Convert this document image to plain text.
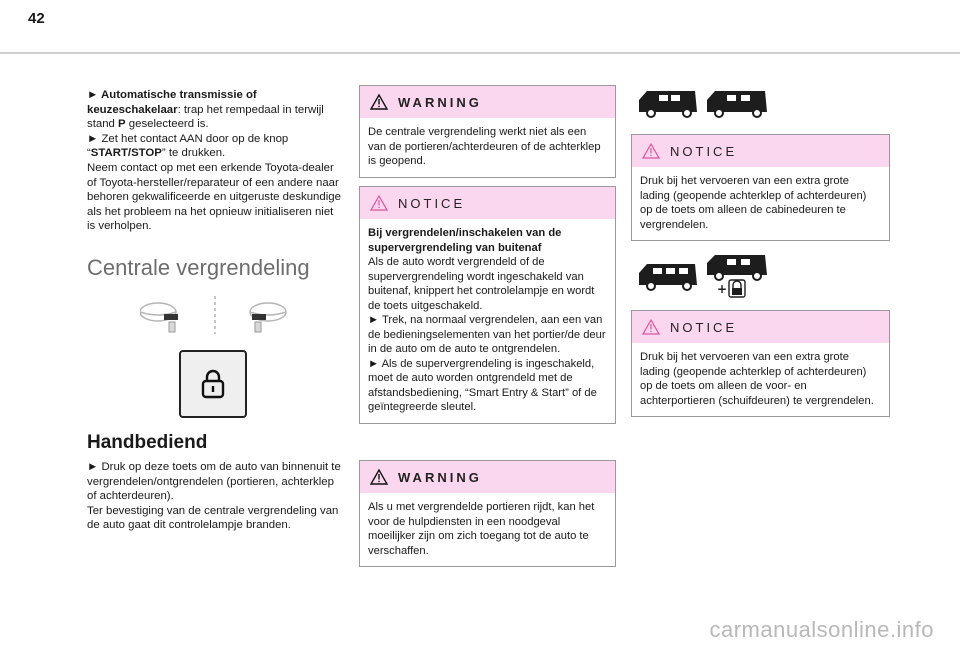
42

► Automatische transmissie of keuzeschakelaar: trap het rempedaal in terwijl stand P geselecteerd is.

► Zet het contact AAN door op de knop “START/STOP” te drukken.

Neem contact op met een erkende Toyota-dealer of Toyota-hersteller/reparateur of een andere naar behoren gekwalificeerde en uitgeruste deskundige als het probleem na het opnieuw initialiseren niet is verholpen.

Centrale vergrendeling
Handbediend

► Druk op deze toets om de auto van binnenuit te vergrendelen/ontgrendelen (portieren, achterklep of achterdeuren).

Ter bevestiging van de centrale vergrendeling van de auto gaat dit controlelampje branden.

WARNING
De centrale vergrendeling werkt niet als een van de portieren/achterdeuren of de achterklep is geopend.
NOTICE

Bij vergrendelen/inschakelen van de supervergrendeling van buitenaf

Als de auto wordt vergrendeld of de supervergrendeling wordt ingeschakeld van buitenaf, knippert het controlelampje en wordt de toets uitgeschakeld.

► Trek, na normaal vergrendelen, aan een van de bedieningselementen van het portier/de deur in de auto om de auto te ontgrendelen.

► Als de supervergrendeling is ingeschakeld, moet de auto worden ontgrendeld met de afstandsbediening, “Smart Entry & Start” of de geïntegreerde sleutel.

WARNING
Als u met vergrendelde portieren rijdt, kan het voor de hulpdiensten in een noodgeval moeilijker zijn om zich toegang tot de auto te verschaffen.
NOTICE
Druk bij het vervoeren van een extra grote lading (geopende achterklep of achterdeuren) op de toets om alleen de cabinedeuren te vergrendelen.
+
NOTICE
Druk bij het vervoeren van een extra grote lading (geopende achterklep of achterdeuren) op de toets om alleen de voor- en achterportieren (schuifdeuren) te vergrendelen.
carmanualsonline.info
